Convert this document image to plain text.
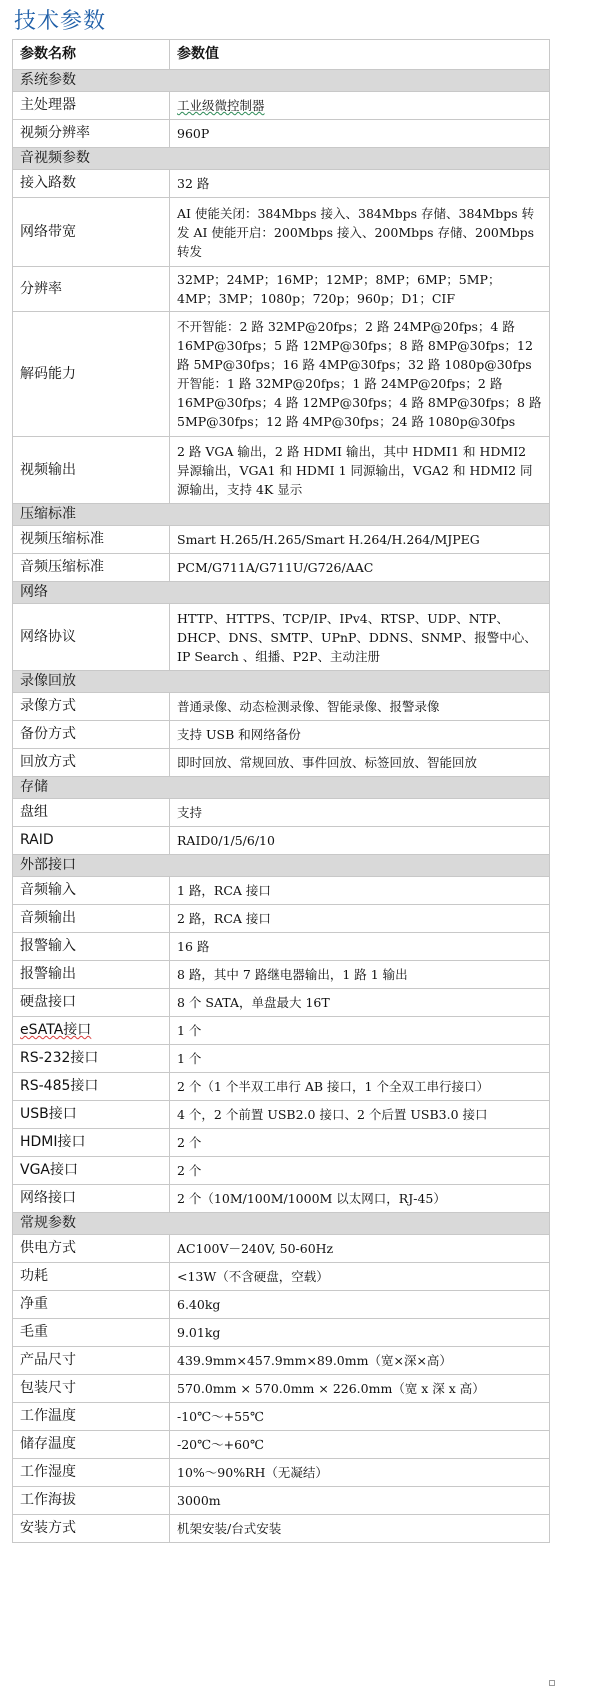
技术参数
参数名称	参数值
系统参数	
主处理器	工业级微控制器
视频分辨率	960P
音视频参数	
接入路数	32 路
网络带宽	AI 使能关闭：384Mbps 接入、384Mbps 存储、384Mbps 转发 AI 使能开启：200Mbps 接入、200Mbps 存储、200Mbps 转发
分辨率	32MP；24MP；16MP；12MP；8MP；6MP；5MP；4MP；3MP；1080p；720p；960p；D1；CIF
解码能力	不开智能：2 路 32MP@20fps；2 路 24MP@20fps；4 路 16MP@30fps；5 路 12MP@30fps；8 路 8MP@30fps；12 路 5MP@30fps；16 路 4MP@30fps；32 路 1080p@30fps 开智能：1 路 32MP@20fps；1 路 24MP@20fps；2 路 16MP@30fps；4 路 12MP@30fps；4 路 8MP@30fps；8 路 5MP@30fps；12 路 4MP@30fps；24 路 1080p@30fps
视频输出	2 路 VGA 输出，2 路 HDMI 输出，其中 HDMI1 和 HDMI2 异源输出，VGA1 和 HDMI 1 同源输出，VGA2 和 HDMI2 同源输出，支持 4K 显示
压缩标准	
视频压缩标准	Smart H.265/H.265/Smart H.264/H.264/MJPEG
音频压缩标准	PCM/G711A/G711U/G726/AAC
网络	
网络协议	HTTP、HTTPS、TCP/IP、IPv4、RTSP、UDP、NTP、DHCP、DNS、SMTP、UPnP、DDNS、SNMP、报警中心、IP Search 、组播、P2P、主动注册
录像回放	
录像方式	普通录像、动态检测录像、智能录像、报警录像
备份方式	支持 USB 和网络备份
回放方式	即时回放、常规回放、事件回放、标签回放、智能回放
存储	
盘组	支持
RAID	RAID0/1/5/6/10
外部接口	
音频输入	1 路，RCA 接口
音频输出	2 路，RCA 接口
报警输入	16 路
报警输出	8 路，其中 7 路继电器输出，1 路 1 输出
硬盘接口	8 个 SATA，单盘最大 16T
eSATA接口	1 个
RS-232接口	1 个
RS-485接口	2 个（1 个半双工串行 AB 接口，1 个全双工串行接口）
USB接口	4 个，2 个前置 USB2.0 接口、2 个后置 USB3.0 接口
HDMI接口	2 个
VGA接口	2 个
网络接口	2 个（10M/100M/1000M 以太网口，RJ-45）
常规参数	
供电方式	AC100V－240V, 50-60Hz
功耗	<13W（不含硬盘，空载）
净重	6.40kg
毛重	9.01kg
产品尺寸	439.9mm×457.9mm×89.0mm（宽×深×高）
包装尺寸	570.0mm × 570.0mm × 226.0mm（宽 x 深 x 高）
工作温度	-10℃～+55℃
储存温度	-20℃～+60℃
工作湿度	10%～90%RH（无凝结）
工作海拔	3000m
安装方式	机架安装/台式安装
